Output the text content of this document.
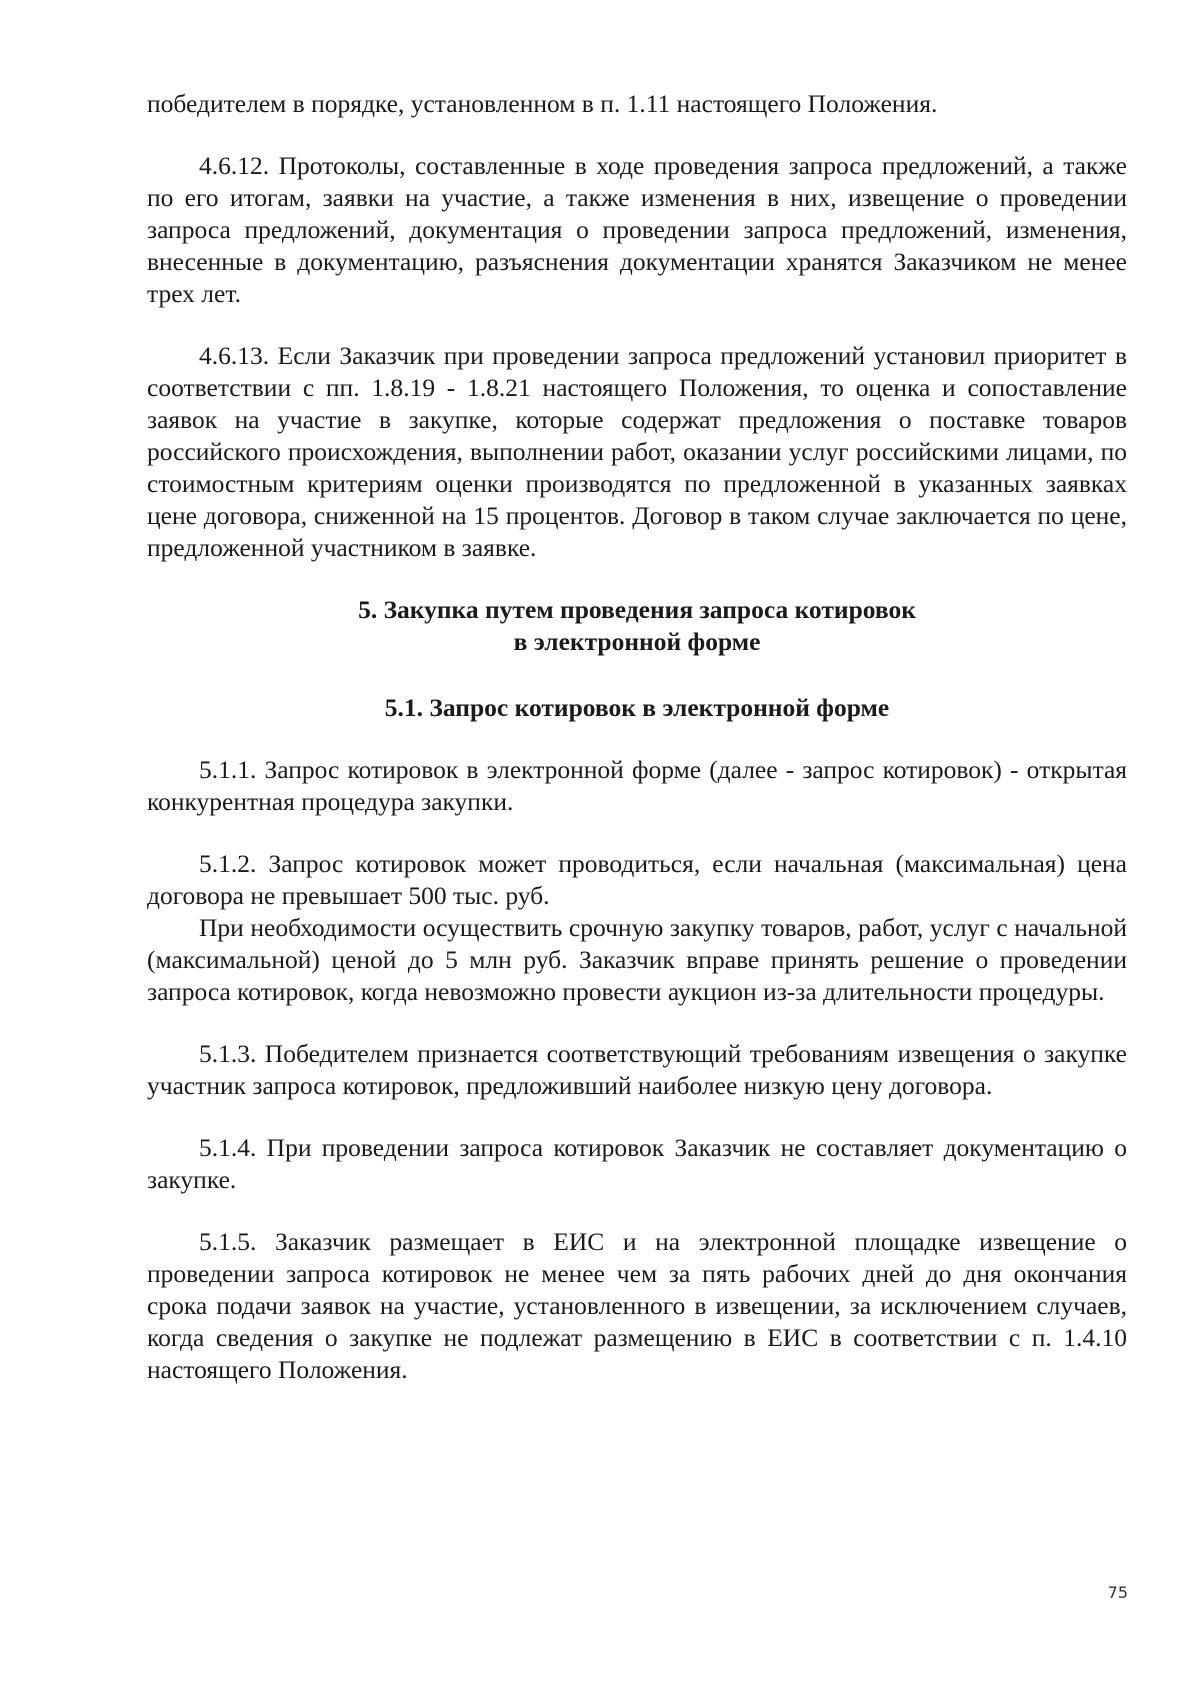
победителем в порядке, установленном в п. 1.11 настоящего Положения.

4.6.12. Протоколы, составленные в ходе проведения запроса предложений, а также по его итогам, заявки на участие, а также изменения в них, извещение о проведении запроса предложений, документация о проведении запроса предложений, изменения, внесенные в документацию, разъяснения документации хранятся Заказчиком не менее трех лет.

4.6.13. Если Заказчик при проведении запроса предложений установил приоритет в соответствии с пп. 1.8.19 - 1.8.21 настоящего Положения, то оценка и сопоставление заявок на участие в закупке, которые содержат предложения о поставке товаров российского происхождения, выполнении работ, оказании услуг российскими лицами, по стоимостным критериям оценки производятся по предложенной в указанных заявках цене договора, сниженной на 15 процентов. Договор в таком случае заключается по цене, предложенной участником в заявке.

5. Закупка путем проведения запроса котировок

в электронной форме

5.1. Запрос котировок в электронной форме

5.1.1. Запрос котировок в электронной форме (далее - запрос котировок) - открытая конкурентная процедура закупки.

5.1.2. Запрос котировок может проводиться, если начальная (максимальная) цена договора не превышает 500 тыс. руб.

При необходимости осуществить срочную закупку товаров, работ, услуг с начальной (максимальной) ценой до 5 млн руб. Заказчик вправе принять решение о проведении запроса котировок, когда невозможно провести аукцион из-за длительности процедуры.

5.1.3. Победителем признается соответствующий требованиям извещения о закупке участник запроса котировок, предложивший наиболее низкую цену договора.

5.1.4. При проведении запроса котировок Заказчик не составляет документацию о закупке.

5.1.5. Заказчик размещает в ЕИС и на электронной площадке извещение о проведении запроса котировок не менее чем за пять рабочих дней до дня окончания срока подачи заявок на участие, установленного в извещении, за исключением случаев, когда сведения о закупке не подлежат размещению в ЕИС в соответствии с п. 1.4.10 настоящего Положения.

75
